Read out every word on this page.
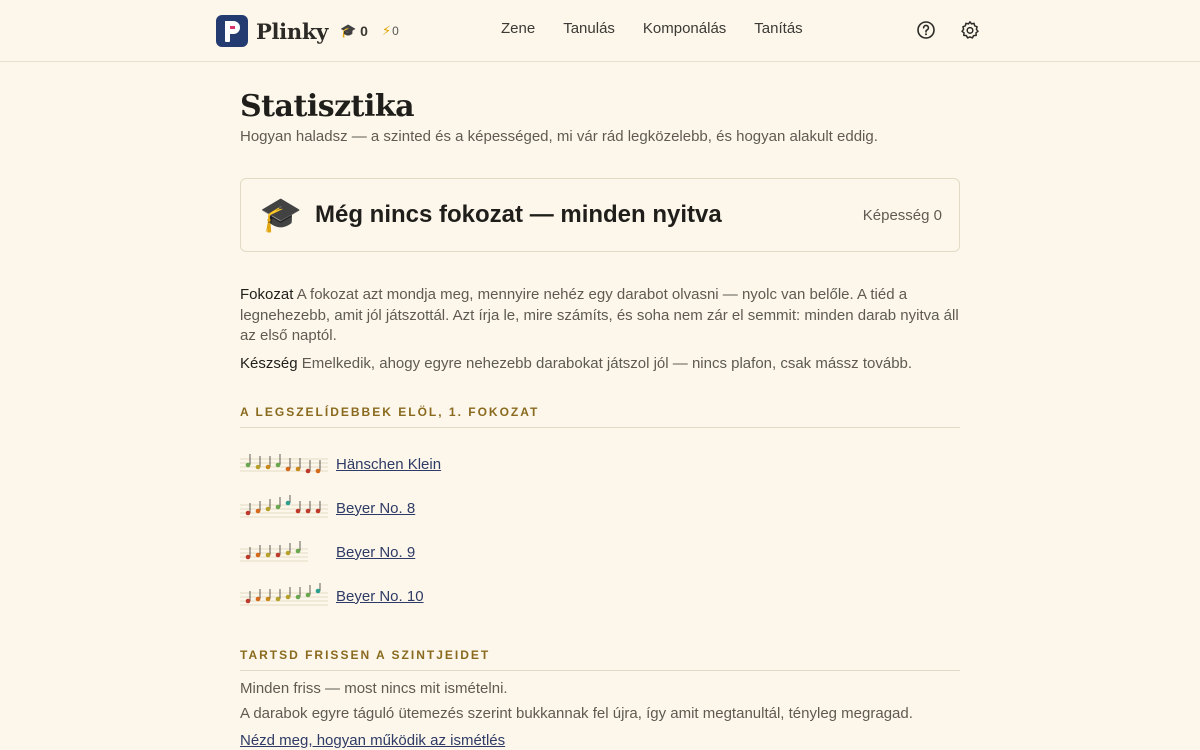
Plinky 🎓 0 ⚡ 0	Zene Tanulás Komponálás Tanítás
Statisztika

Hogyan haladsz — a szinted és a képességed, mi vár rád legközelebb, és hogyan alakult eddig.

🎓 Még nincs fokozat — minden nyitva	Képesség 0

Fokozat A fokozat azt mondja meg, mennyire nehéz egy darabot olvasni — nyolc van belőle. A tiéd a legnehezebb, amit jól játszottál. Azt írja le, mire számíts, és soha nem zár el semmit: minden darab nyitva áll az első naptól.

Készség Emelkedik, ahogy egyre nehezebb darabokat játszol jól — nincs plafon, csak mássz tovább.

A LEGSZELÍDEBBEK ELÖL, 1. FOKOZAT
Hänschen Klein
Beyer No. 8
Beyer No. 9
Beyer No. 10
TARTSD FRISSEN A SZINTJEIDET

Minden friss — most nincs mit ismételni.

A darabok egyre táguló ütemezés szerint bukkannak fel újra, így amit megtanultál, tényleg megragad.

Nézd meg, hogyan működik az ismétlés
